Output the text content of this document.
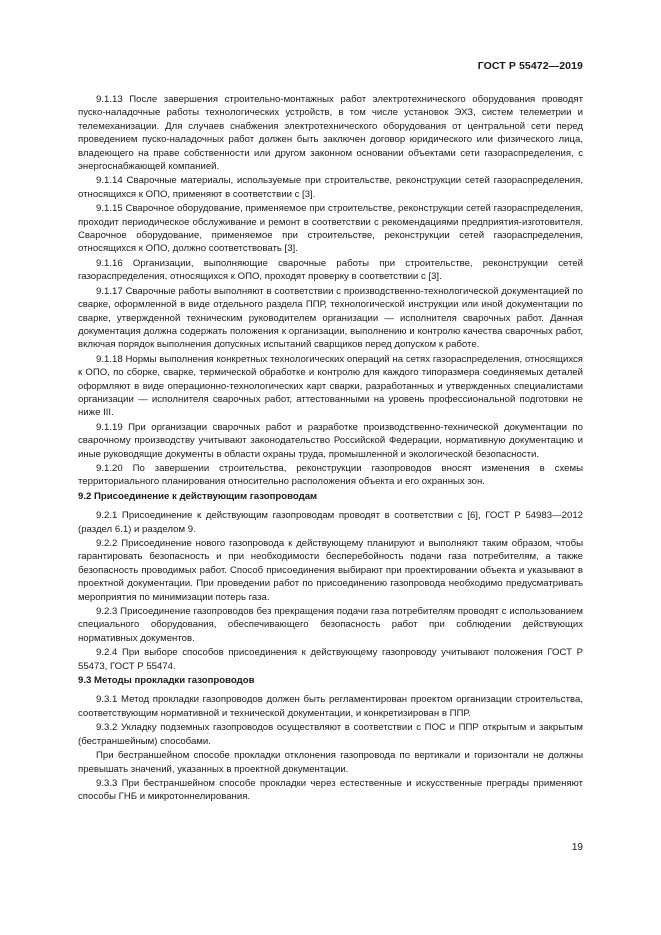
ГОСТ Р 55472—2019

9.1.13 После завершения строительно-монтажных работ электротехнического оборудования проводят пуско-наладочные работы технологических устройств, в том числе установок ЭХЗ, систем телеметрии и телемеханизации. Для случаев снабжения электротехнического оборудования от центральной сети перед проведением пуско-наладочных работ должен быть заключен договор юридического или физического лица, владеющего на праве собственности или другом законном основании объектами сети газораспределения, с энергоснабжающей компанией.

9.1.14 Сварочные материалы, используемые при строительстве, реконструкции сетей газораспределения, относящихся к ОПО, применяют в соответствии с [3].

9.1.15 Сварочное оборудование, применяемое при строительстве, реконструкции сетей газораспределения, проходит периодическое обслуживание и ремонт в соответствии с рекомендациями предприятия-изготовителя. Сварочное оборудование, применяемое при строительстве, реконструкции сетей газораспределения, относящихся к ОПО, должно соответствовать [3].

9.1.16 Организации, выполняющие сварочные работы при строительстве, реконструкции сетей газораспределения, относящихся к ОПО, проходят проверку в соответствии с [3].

9.1.17 Сварочные работы выполняют в соответствии с производственно-технологической документацией по сварке, оформленной в виде отдельного раздела ППР, технологической инструкции или иной документации по сварке, утвержденной техническим руководителем организации — исполнителя сварочных работ. Данная документация должна содержать положения к организации, выполнению и контролю качества сварочных работ, включая порядок выполнения допускных испытаний сварщиков перед допуском к работе.

9.1.18 Нормы выполнения конкретных технологических операций на сетях газораспределения, относящихся к ОПО, по сборке, сварке, термической обработке и контролю для каждого типоразмера соединяемых деталей оформляют в виде операционно-технологических карт сварки, разработанных и утвержденных специалистами организации — исполнителя сварочных работ, аттестованными на уровень профессиональной подготовки не ниже III.

9.1.19 При организации сварочных работ и разработке производственно-технической документации по сварочному производству учитывают законодательство Российской Федерации, нормативную документацию и иные руководящие документы в области охраны труда, промышленной и экологической безопасности.

9.1.20 По завершении строительства, реконструкции газопроводов вносят изменения в схемы территориального планирования относительно расположения объекта и его охранных зон.

9.2 Присоединение к действующим газопроводам

9.2.1 Присоединение к действующим газопроводам проводят в соответствии с [6], ГОСТ Р 54983—2012 (раздел 6.1) и разделом 9.

9.2.2 Присоединение нового газопровода к действующему планируют и выполняют таким образом, чтобы гарантировать безопасность и при необходимости бесперебойность подачи газа потребителям, а также безопасность проводимых работ. Способ присоединения выбирают при проектировании объекта и указывают в проектной документации. При проведении работ по присоединению газопровода необходимо предусматривать мероприятия по минимизации потерь газа.

9.2.3 Присоединение газопроводов без прекращения подачи газа потребителям проводят с использованием специального оборудования, обеспечивающего безопасность работ при соблюдении действующих нормативных документов.

9.2.4 При выборе способов присоединения к действующему газопроводу учитывают положения ГОСТ Р 55473, ГОСТ Р 55474.

9.3 Методы прокладки газопроводов

9.3.1 Метод прокладки газопроводов должен быть регламентирован проектом организации строительства, соответствующим нормативной и технической документации, и конкретизирован в ППР.

9.3.2 Укладку подземных газопроводов осуществляют в соответствии с ПОС и ППР открытым и закрытым (бестраншейным) способами.

При бестраншейном способе прокладки отклонения газопровода по вертикали и горизонтали не должны превышать значений, указанных в проектной документации.

9.3.3 При бестраншейном способе прокладки через естественные и искусственные преграды применяют способы ГНБ и микротоннелирования.

19
